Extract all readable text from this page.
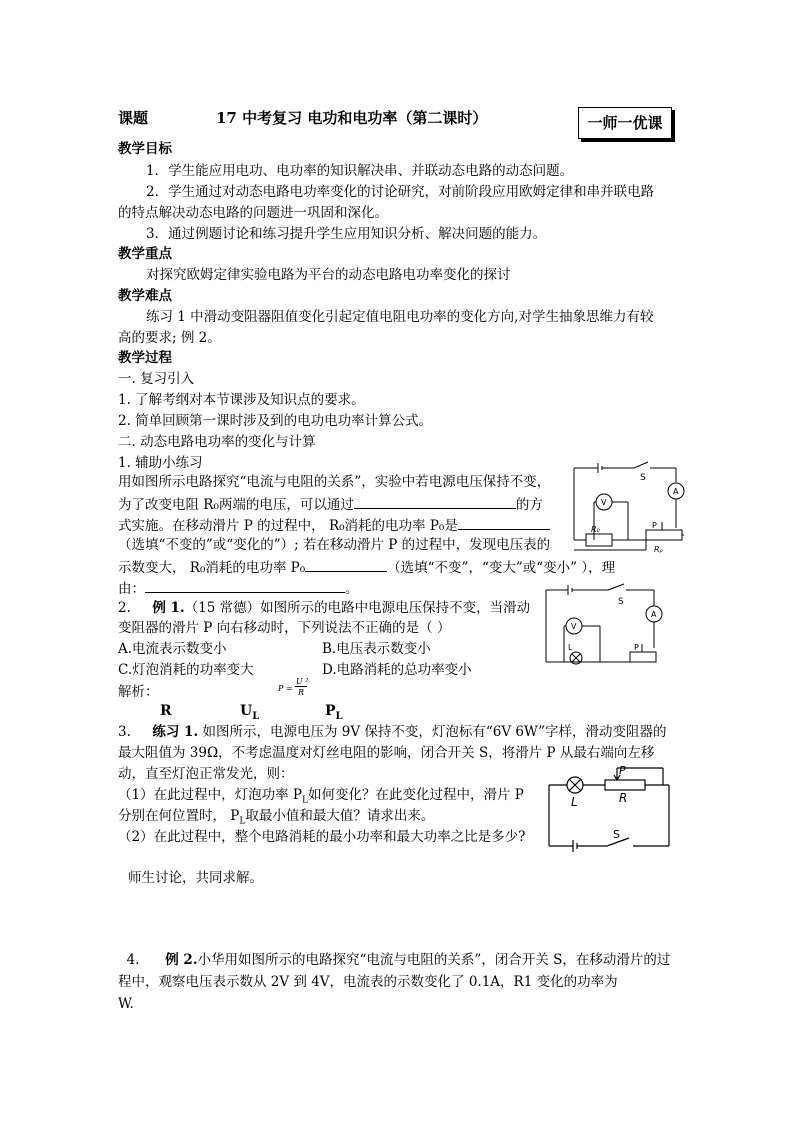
课题	17 中考复习 电功和电功率（第二课时）	一师一优课
教学目标
1．学生能应用电功、电功率的知识解决串、并联动态电路的动态问题。
2．学生通过对动态电路电功率变化的讨论研究，对前阶段应用欧姆定律和串并联电路
的特点解决动态电路的问题进一巩固和深化。
3．通过例题讨论和练习提升学生应用知识分析、解决问题的能力。
教学重点
对探究欧姆定律实验电路为平台的动态电路电功率变化的探讨
教学难点
练习 1 中滑动变阻器阻值变化引起定值电阻电功率的变化方向,对学生抽象思维力有较
高的要求; 例 2。
教学过程
一. 复习引入
1. 了解考纲对本节课涉及知识点的要求。
2. 简单回顾第一课时涉及到的电功电功率计算公式。
二. 动态电路电功率的变化与计算
1. 辅助小练习
用如图所示电路探究“电流与电阻的关系”，实验中若电源电压保持不变，
为了改变电阻 R₀两端的电压，可以通过	的方
式实施。在移动滑片 P 的过程中， R₀消耗的电功率 P₀是
（选填“不变的”或“变化的”）; 若在移动滑片 P 的过程中，发现电压表的
示数变大， R₀消耗的电功率 P₀	（选填“不变”，“变大”或“变小” ），理
由：	。
S
V
A
R₀	P
Rₚ
2. 例 1.（15 常德）如图所示的电路中电源电压保持不变，当滑动
变阻器的滑片 P 向右移动时，下列说法不正确的是（ ）
A.电流表示数变小	B.电压表示数变小
C.灯泡消耗的功率变大	D.电路消耗的总功率变小
解析：	P =
U ²
R
R	$U_L$	$P_L$
S
V
A
L	P
3. 练习 1. 如图所示，电源电压为 9V 保持不变，灯泡标有“6V 6W”字样，滑动变阻器的
最大阻值为 39Ω，不考虑温度对灯丝电阻的影响，闭合开关 S，将滑片 P 从最右端向左移
动，直至灯泡正常发光，则：
（1）在此过程中，灯泡功率 $P_L$如何变化？在此变化过程中，滑片 P
分别在何位置时， $P_L$取最小值和最大值？请求出来。
（2）在此过程中，整个电路消耗的最小功率和最大功率之比是多少?
师生讨论，共同求解。
P
L	R
S
4. 例 2.小华用如图所示的电路探究“电流与电阻的关系”，闭合开关 S，在移动滑片的过
程中，观察电压表示数从 2V 到 4V，电流表的示数变化了 0.1A，R1 变化的功率为
W.
